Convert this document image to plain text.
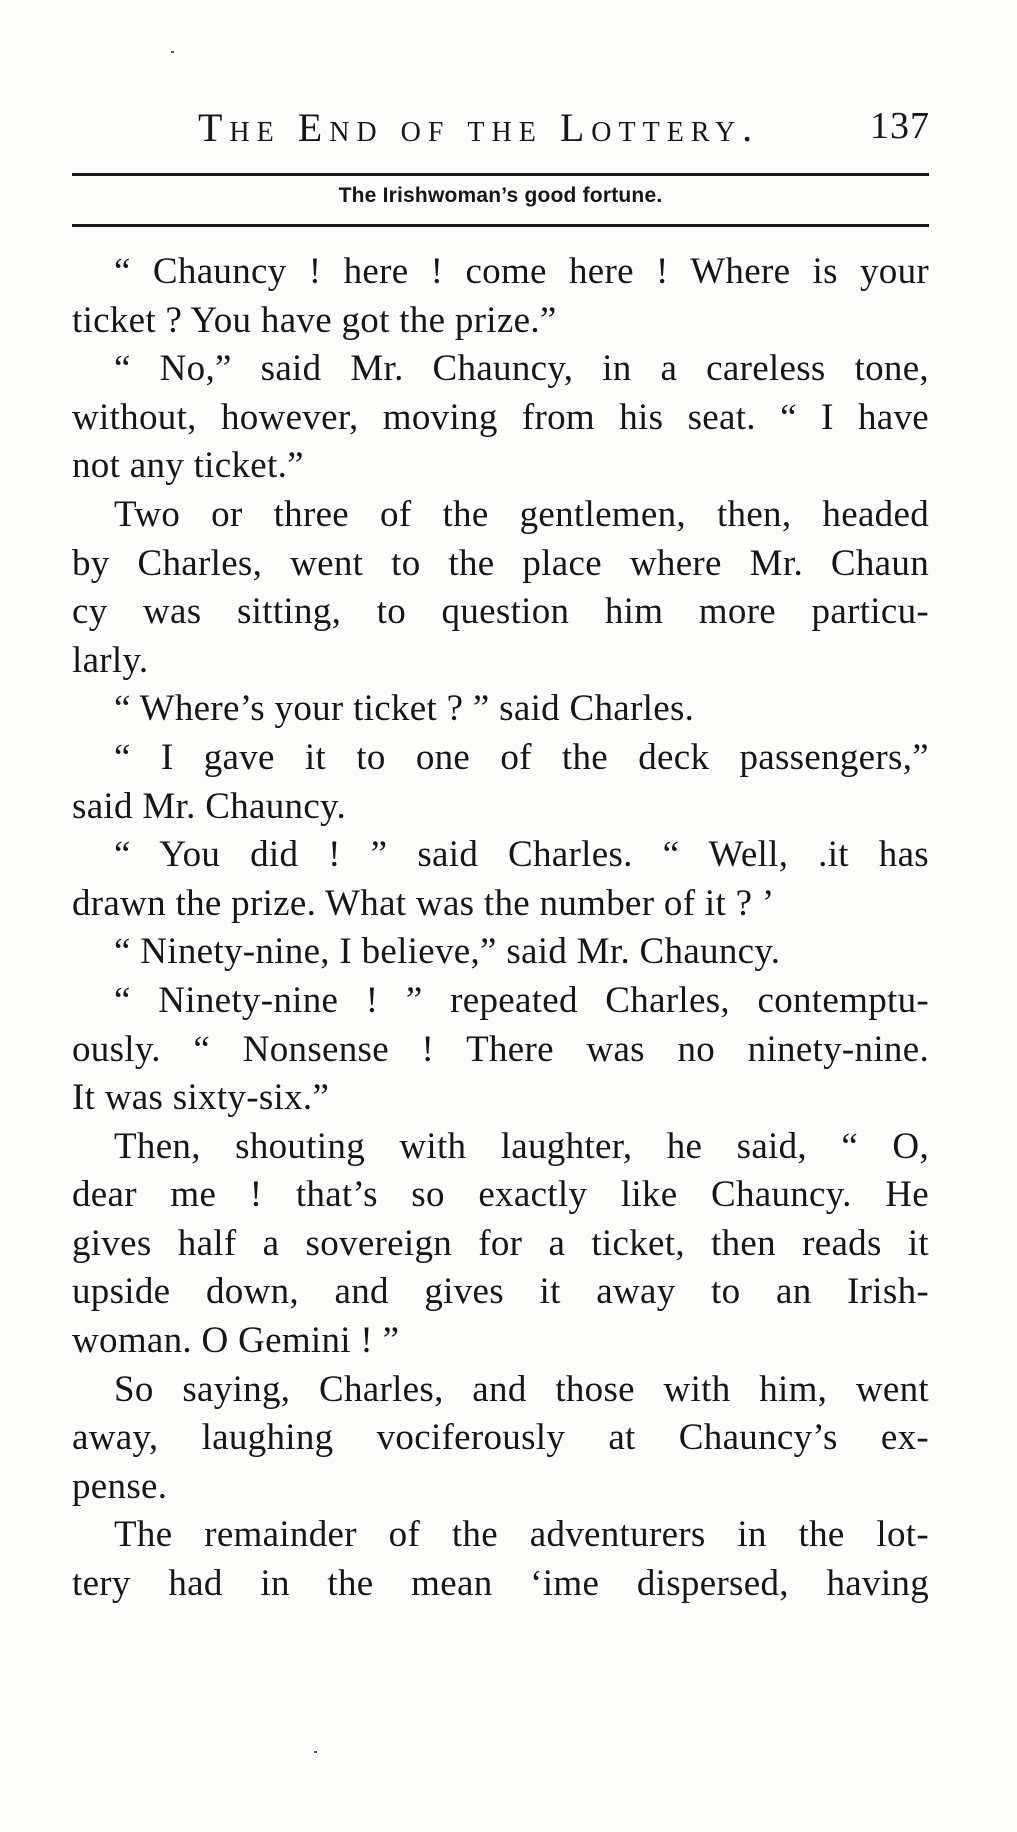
The End of the Lottery.	137
The Irishwoman’s good fortune.
“ Chauncy ! here ! come here ! Where is your
ticket ? You have got the prize.”
“ No,” said Mr. Chauncy, in a careless tone,
without, however, moving from his seat. “ I have
not any ticket.”
Two or three of the gentlemen, then, headed
by Charles, went to the place where Mr. Chaun
cy was sitting, to question him more particu-
larly.
“ Where’s your ticket ? ” said Charles.
“ I gave it to one of the deck passengers,”
said Mr. Chauncy.
“ You did ! ” said Charles. “ Well, .it has
drawn the prize. What was the number of it ? ’
“ Ninety-nine, I believe,” said Mr. Chauncy.
“ Ninety-nine ! ” repeated Charles, contemptu-
ously. “ Nonsense ! There was no ninety-nine.
It was sixty-six.”
Then, shouting with laughter, he said, “ O,
dear me ! that’s so exactly like Chauncy. He
gives half a sovereign for a ticket, then reads it
upside down, and gives it away to an Irish-
woman. O Gemini ! ”
So saying, Charles, and those with him, went
away, laughing vociferously at Chauncy’s ex-
pense.
The remainder of the adventurers in the lot-
tery had in the mean ‘ime dispersed, having
